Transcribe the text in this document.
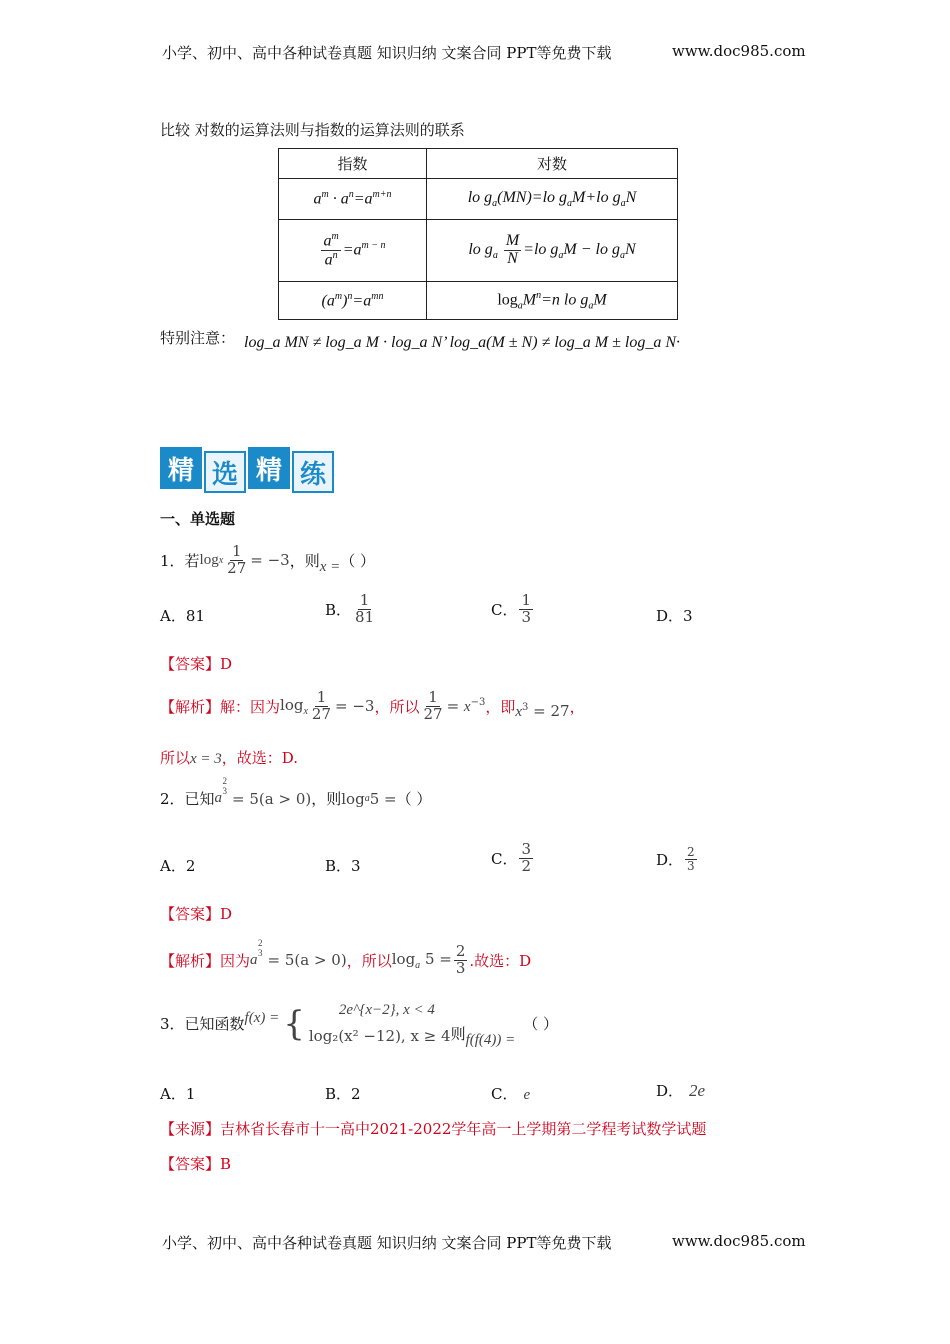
小学、初中、高中各种试卷真题 知识归纳 文案合同 PPT等免费下载	www.doc985.com
比较 对数的运算法则与指数的运算法则的联系
指数	对数
$a^m \cdot a^n=a^{m+n}$	lo $g_a(MN)=lo$ $g_aM+lo$ $g_aN$

$\frac{a^m}{a^n} =a^{m - n}$	lo $g_a \frac{M}{N} =lo$ $g_aM$ − lo $g_aN$
$(a^m)^n=a^{mn}$	$\log_aM^n=n$ lo $g_aM$
特别注意： log_a MN ≠ log_a M · log_a N’ log_a(M ± N) ≠ log_a M ± log_a N·
精 选 精 练
一、单选题
1．若 log x $\frac{1}{27} = -3$ ，则 x = （ ）
A．81	B． $\frac{1}{81}$	C． $\frac{1}{3}$	D．3
【答案】D
【解析】 解：因为 $\log_x \frac{1}{27} = -3$ ，所以 $\frac{1}{27} = x^{-3}$ ，即 $x^3 = 27$ ，
所以x = 3，故选：D.
2．已知 a
2
3 = 5(a > 0) ，则 log a 5 = （ ）
A．2	B．3	C． $\frac{3}{2}$	D． $\frac{2}{3}$
【答案】D
【解析】 因为 a
2
3 = 5(a > 0) ，所以 $\log_a 5 = \frac{2}{3}$ .故选：D
3．已知函数 f(x) = { 2e^{x−2}, x < 4
log₂(x² −12), x ≥ 4 则 f(f(4)) =
（ ）
A．1	B．2	C． e	D． 2e
【来源】吉林省长春市十一高中2021-2022学年高一上学期第二学程考试数学试题
【答案】B
小学、初中、高中各种试卷真题 知识归纳 文案合同 PPT等免费下载	www.doc985.com
